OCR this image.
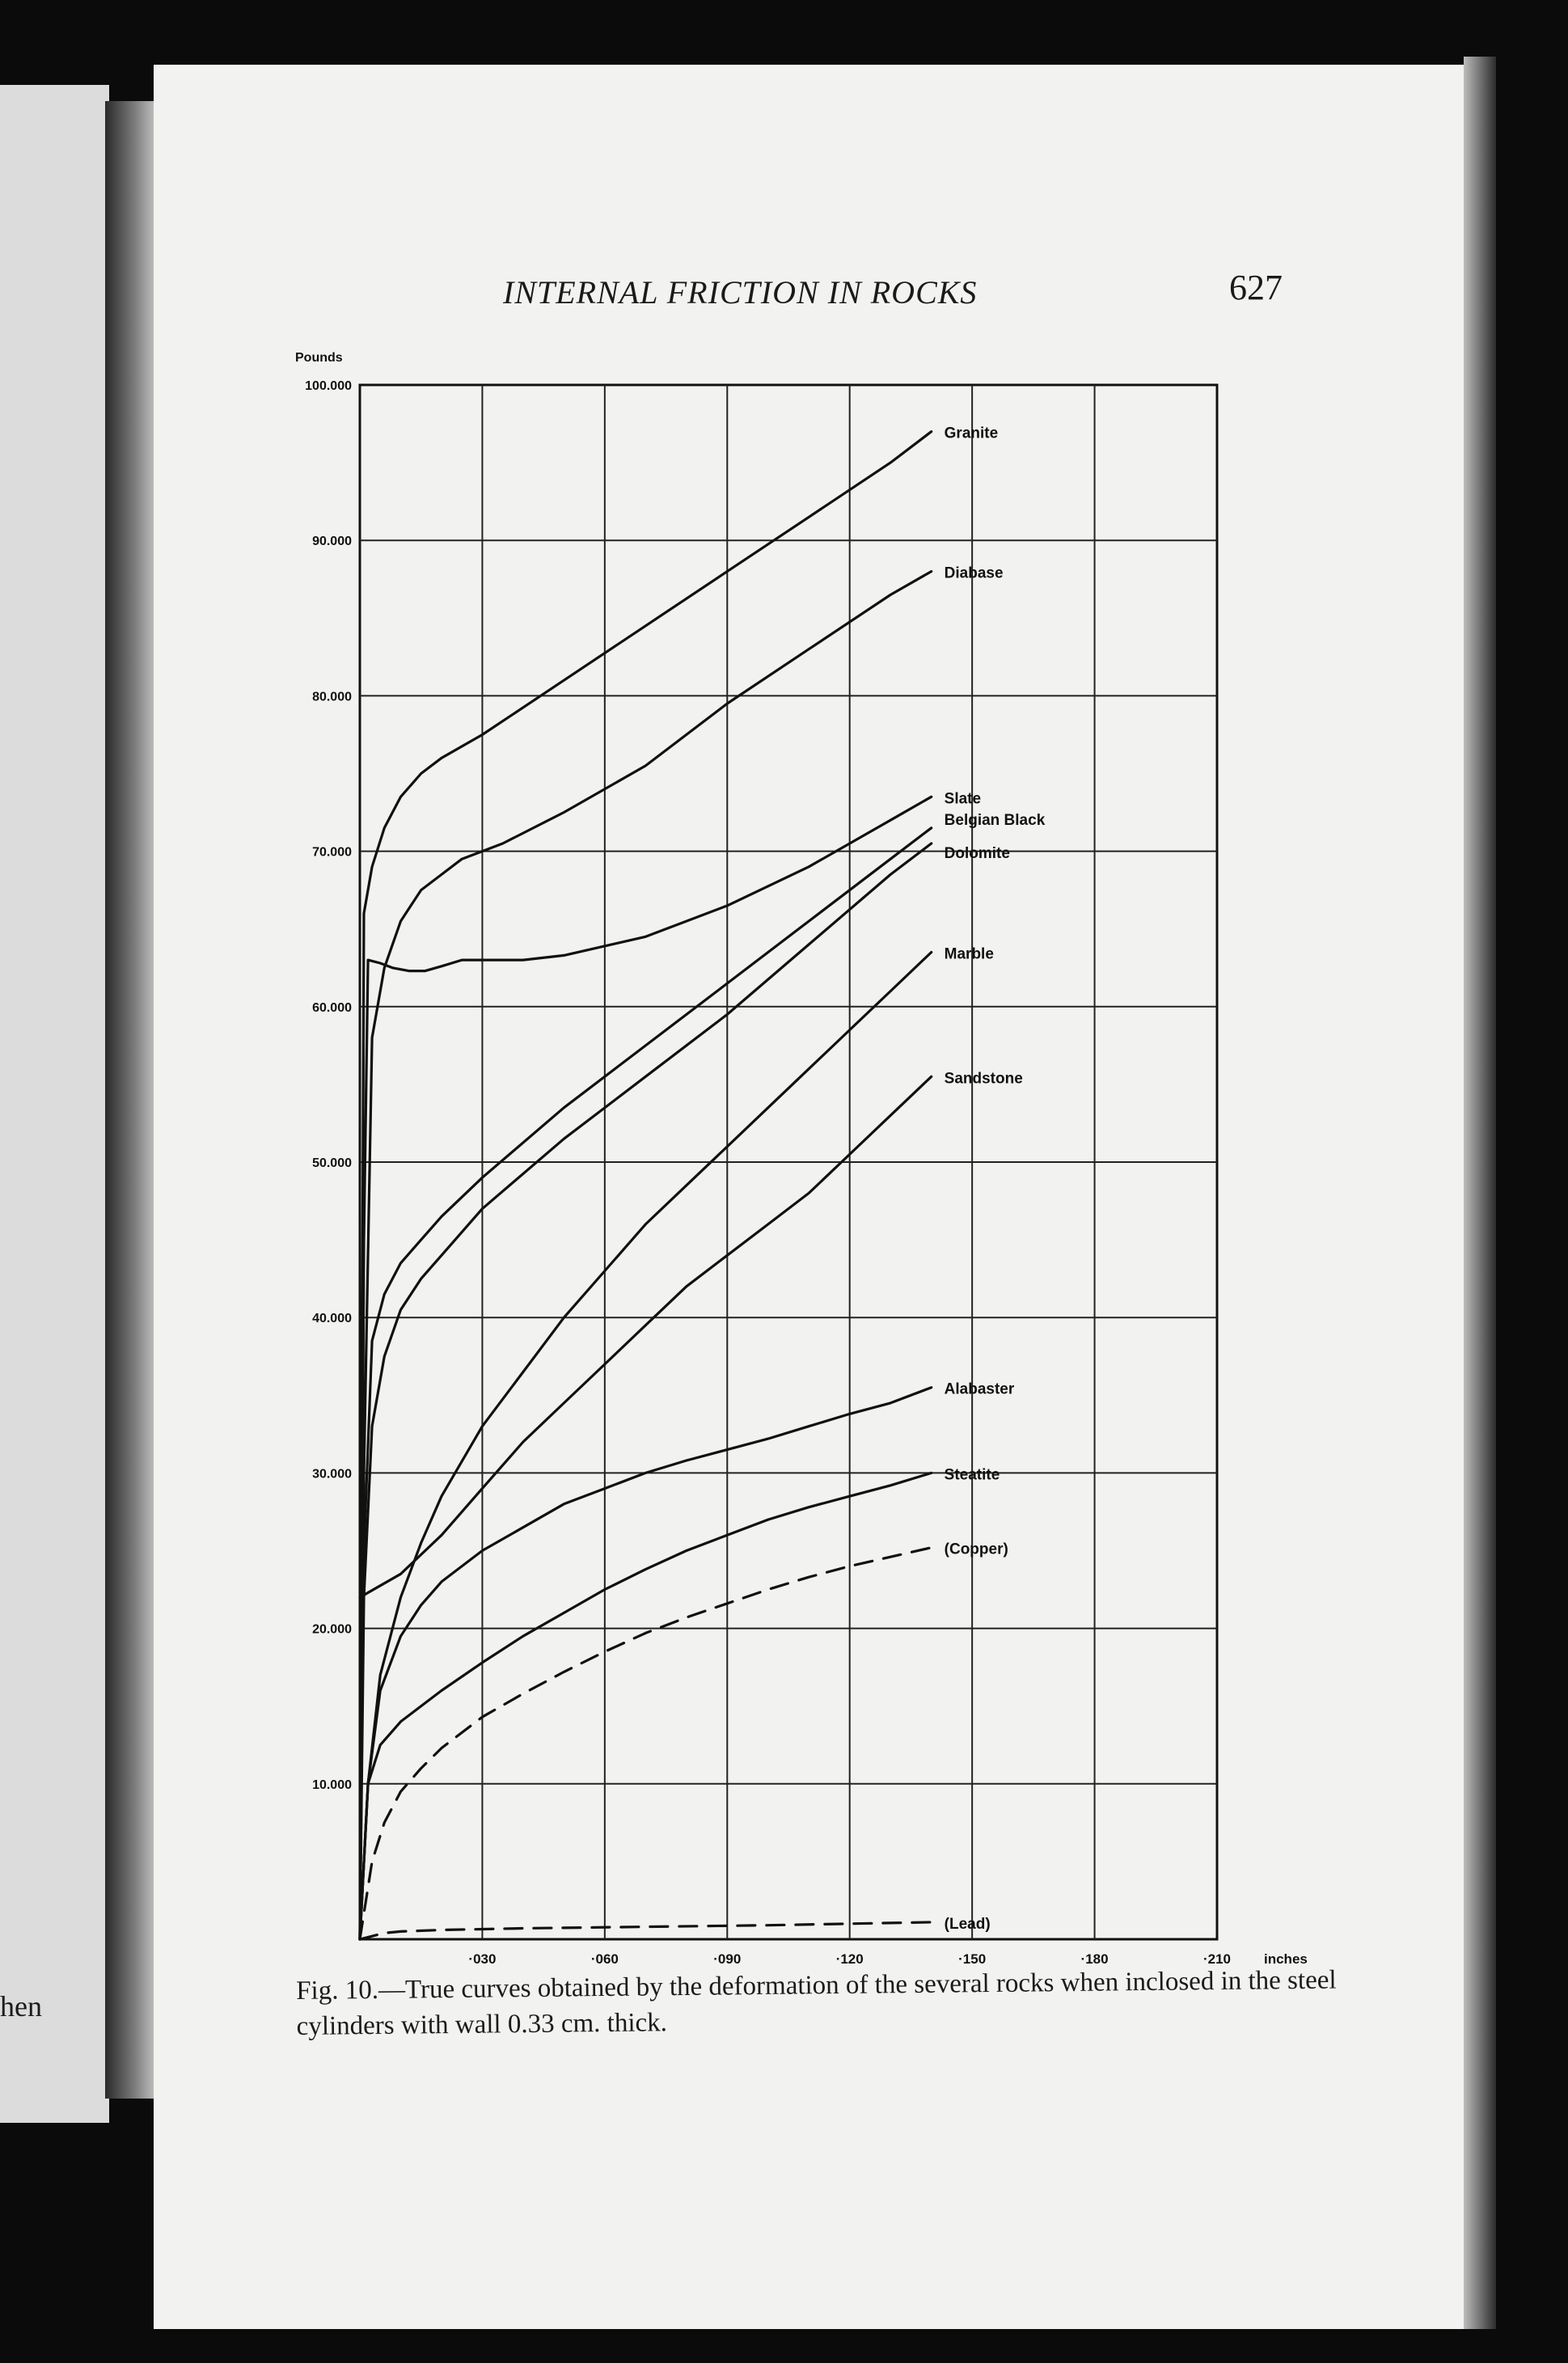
hen
INTERNAL FRICTION IN ROCKS	627
Pounds
·030	·060	·090	·120	·150	·180	·210 inches
10.000
20.000
30.000
40.000
50.000
60.000
70.000
80.000
90.000
100.000
Granite
Diabase
Slate
Belgian Black
Dolomite
Marble
Sandstone
Alabaster
Steatite
(Copper)
(Lead)
Fig. 10.—True curves obtained by the deformation of the several rocks when inclosed in the steel cylinders with wall 0.33 cm. thick.
